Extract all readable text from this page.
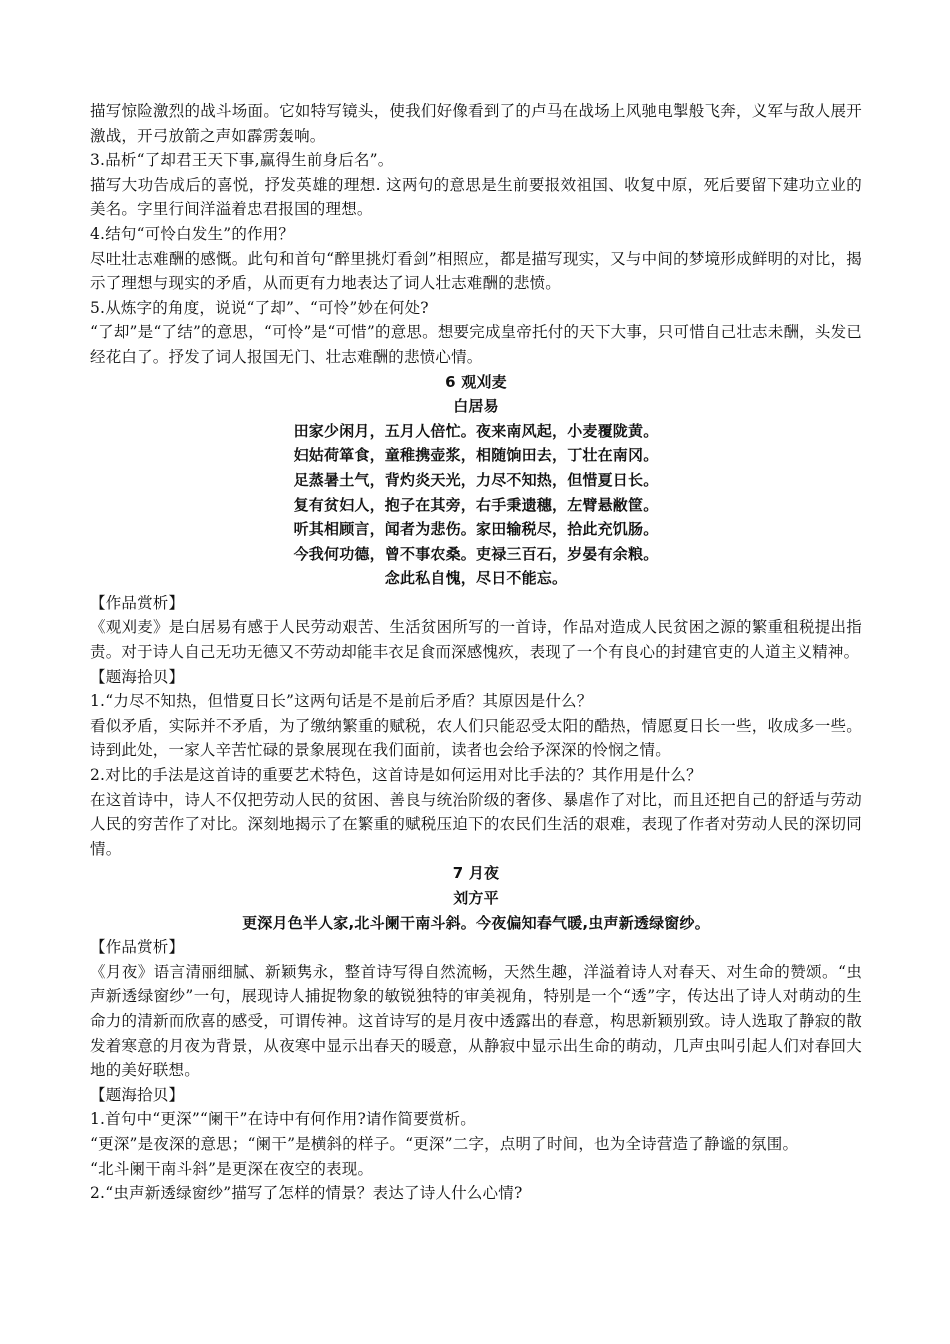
描写惊险激烈的战斗场面。它如特写镜头，使我们好像看到了的卢马在战场上风驰电掣般飞奔，义军与敌人展开激战，开弓放箭之声如霹雳轰响。

3.品析“了却君王天下事,赢得生前身后名”。

描写大功告成后的喜悦，抒发英雄的理想. 这两句的意思是生前要报效祖国、收复中原，死后要留下建功立业的美名。字里行间洋溢着忠君报国的理想。

4.结句“可怜白发生”的作用？

尽吐壮志难酬的感慨。此句和首句“醉里挑灯看剑”相照应，都是描写现实，又与中间的梦境形成鲜明的对比，揭示了理想与现实的矛盾，从而更有力地表达了词人壮志难酬的悲愤。

5.从炼字的角度，说说“了却”、“可怜”妙在何处?

“了却”是“了结”的意思，“可怜”是“可惜”的意思。想要完成皇帝托付的天下大事，只可惜自己壮志未酬，头发已经花白了。抒发了词人报国无门、壮志难酬的悲愤心情。

6 观刈麦

白居易

田家少闲月，五月人倍忙。夜来南风起，小麦覆陇黄。

妇姑荷箪食，童稚携壶浆，相随饷田去，丁壮在南冈。

足蒸暑土气，背灼炎天光，力尽不知热，但惜夏日长。

复有贫妇人，抱子在其旁，右手秉遗穗，左臂悬敝筐。

听其相顾言，闻者为悲伤。家田输税尽，拾此充饥肠。

今我何功德，曾不事农桑。吏禄三百石，岁晏有余粮。

念此私自愧，尽日不能忘。

【作品赏析】

《观刈麦》是白居易有感于人民劳动艰苦、生活贫困所写的一首诗，作品对造成人民贫困之源的繁重租税提出指责。对于诗人自己无功无德又不劳动却能丰衣足食而深感愧疚，表现了一个有良心的封建官吏的人道主义精神。

【题海拾贝】

1.“力尽不知热，但惜夏日长”这两句话是不是前后矛盾？其原因是什么？

看似矛盾，实际并不矛盾，为了缴纳繁重的赋税，农人们只能忍受太阳的酷热，情愿夏日长一些，收成多一些。诗到此处，一家人辛苦忙碌的景象展现在我们面前，读者也会给予深深的怜悯之情。

2.对比的手法是这首诗的重要艺术特色，这首诗是如何运用对比手法的？其作用是什么？

在这首诗中，诗人不仅把劳动人民的贫困、善良与统治阶级的奢侈、暴虐作了对比，而且还把自己的舒适与劳动人民的穷苦作了对比。深刻地揭示了在繁重的赋税压迫下的农民们生活的艰难，表现了作者对劳动人民的深切同情。

7 月夜

刘方平

更深月色半人家,北斗阑干南斗斜。今夜偏知春气暖,虫声新透绿窗纱。

【作品赏析】

《月夜》语言清丽细腻、新颖隽永，整首诗写得自然流畅，天然生趣，洋溢着诗人对春天、对生命的赞颂。“虫声新透绿窗纱”一句，展现诗人捕捉物象的敏锐独特的审美视角，特别是一个“透”字，传达出了诗人对萌动的生命力的清新而欣喜的感受，可谓传神。这首诗写的是月夜中透露出的春意，构思新颖别致。诗人选取了静寂的散发着寒意的月夜为背景，从夜寒中显示出春天的暖意，从静寂中显示出生命的萌动，几声虫叫引起人们对春回大地的美好联想。

【题海拾贝】

1.首句中“更深”“阑干”在诗中有何作用?请作简要赏析。

“更深”是夜深的意思；“阑干”是横斜的样子。“更深”二字，点明了时间，也为全诗营造了静谧的氛围。

“北斗阑干南斗斜”是更深在夜空的表现。

2.“虫声新透绿窗纱”描写了怎样的情景？表达了诗人什么心情?
